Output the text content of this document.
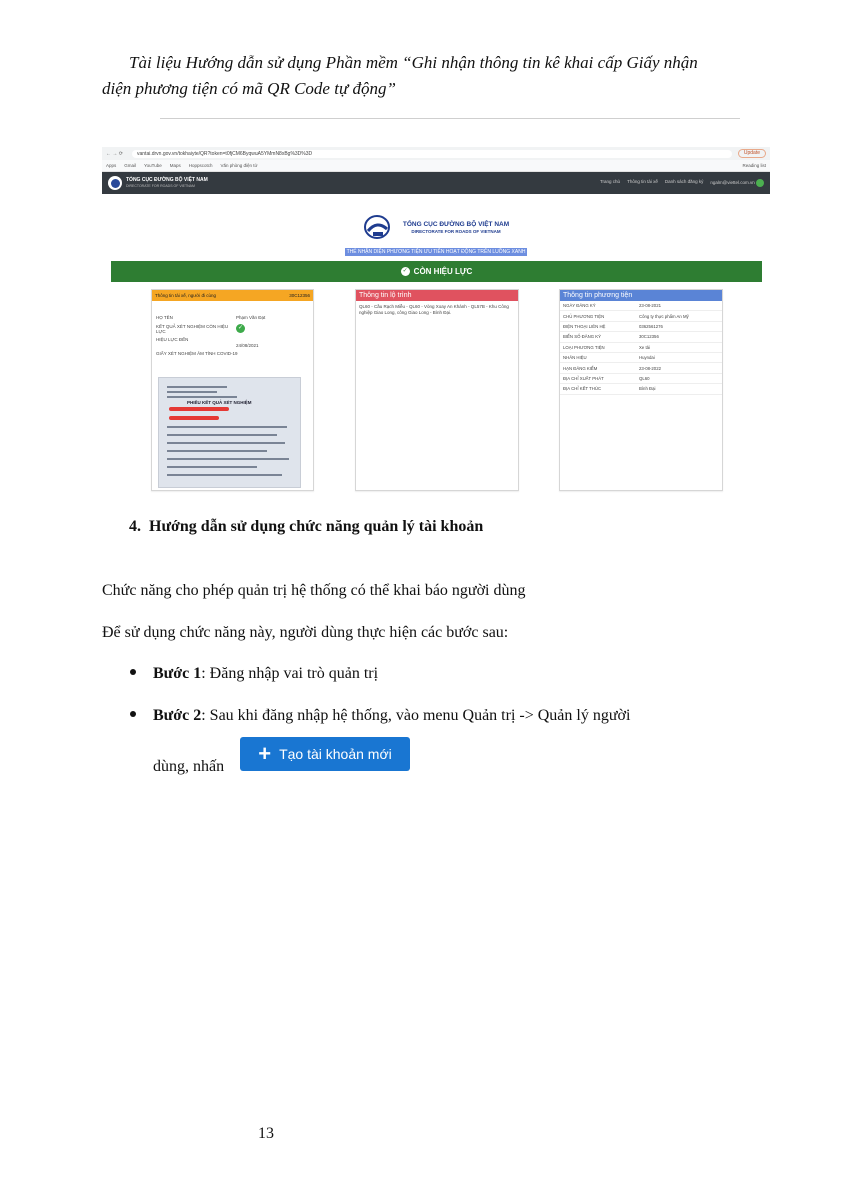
Tài liệu Hướng dẫn sử dụng Phần mềm “Ghi nhận thông tin kê khai cấp Giấy nhận
diện phương tiện có mã QR Code tự động”
← → ⟳	vantai.drvn.gov.vn/tokhaiyte/QR?token=t0fjCM6ByqwuA5YMmN8xBg%3D%3D	Update
Apps Gmail YouTube Maps Hoppscotch Văn phòng điện tử	Reading list
TỔNG CỤC ĐƯỜNG BỘ VIỆT NAM
DIRECTORATE FOR ROADS OF VIETNAM
Trang chủ Thông tin tài xế Danh sách đăng ký ngalm@viettel.com.vn
TỔNG CỤC ĐƯỜNG BỘ VIỆT NAM
DIRECTORATE FOR ROADS OF VIETNAM
THẺ NHẬN DIỆN PHƯƠNG TIỆN ƯU TIÊN HOẠT ĐỘNG TRÊN LUỒNG XANH
✓ CÒN HIỆU LỰC
Thông tin tài xế, người đi cùng	30C12356
HỌ TÊN	Phạm Văn Đạt
KẾT QUẢ XÉT NGHIỆM CÒN HIỆU LỰC
✓
HIỆU LỰC ĐẾN
24/08/2021
GIẤY XÉT NGHIỆM ÂM TÍNH COVID-19
PHIẾU KẾT QUẢ XÉT NGHIỆM
Thông tin lộ trình
QL60 - Cầu Rạch Miễu - QL60 - Vòng Xoay An Khánh - QL57B - Khu Công nghiệp Giao Long, công Giao Long - Bình Đại.
Thông tin phương tiện
NGÀY ĐĂNG KÝ	23-08-2021
CHỦ PHƯƠNG TIỆN	Công ty thực phẩm An Mỹ
ĐIỆN THOẠI LIÊN HỆ	0362561276
BIỂN SỐ ĐĂNG KÝ	30C12356
LOẠI PHƯƠNG TIỆN	Xe tải
NHÃN HIỆU	Huyndai
HẠN ĐĂNG KIỂM	23-08-2022
ĐỊA CHỈ XUẤT PHÁT	QL60
ĐỊA CHỈ KẾT THÚC	Bình Đại
4. Hướng dẫn sử dụng chức năng quản lý tài khoản
Chức năng cho phép quản trị hệ thống có thể khai báo người dùng
Để sử dụng chức năng này, người dùng thực hiện các bước sau:
Bước 1: Đăng nhập vai trò quản trị
Bước 2: Sau khi đăng nhập hệ thống, vào menu Quản trị -> Quản lý người
dùng, nhấn
+ Tạo tài khoản mới
13
